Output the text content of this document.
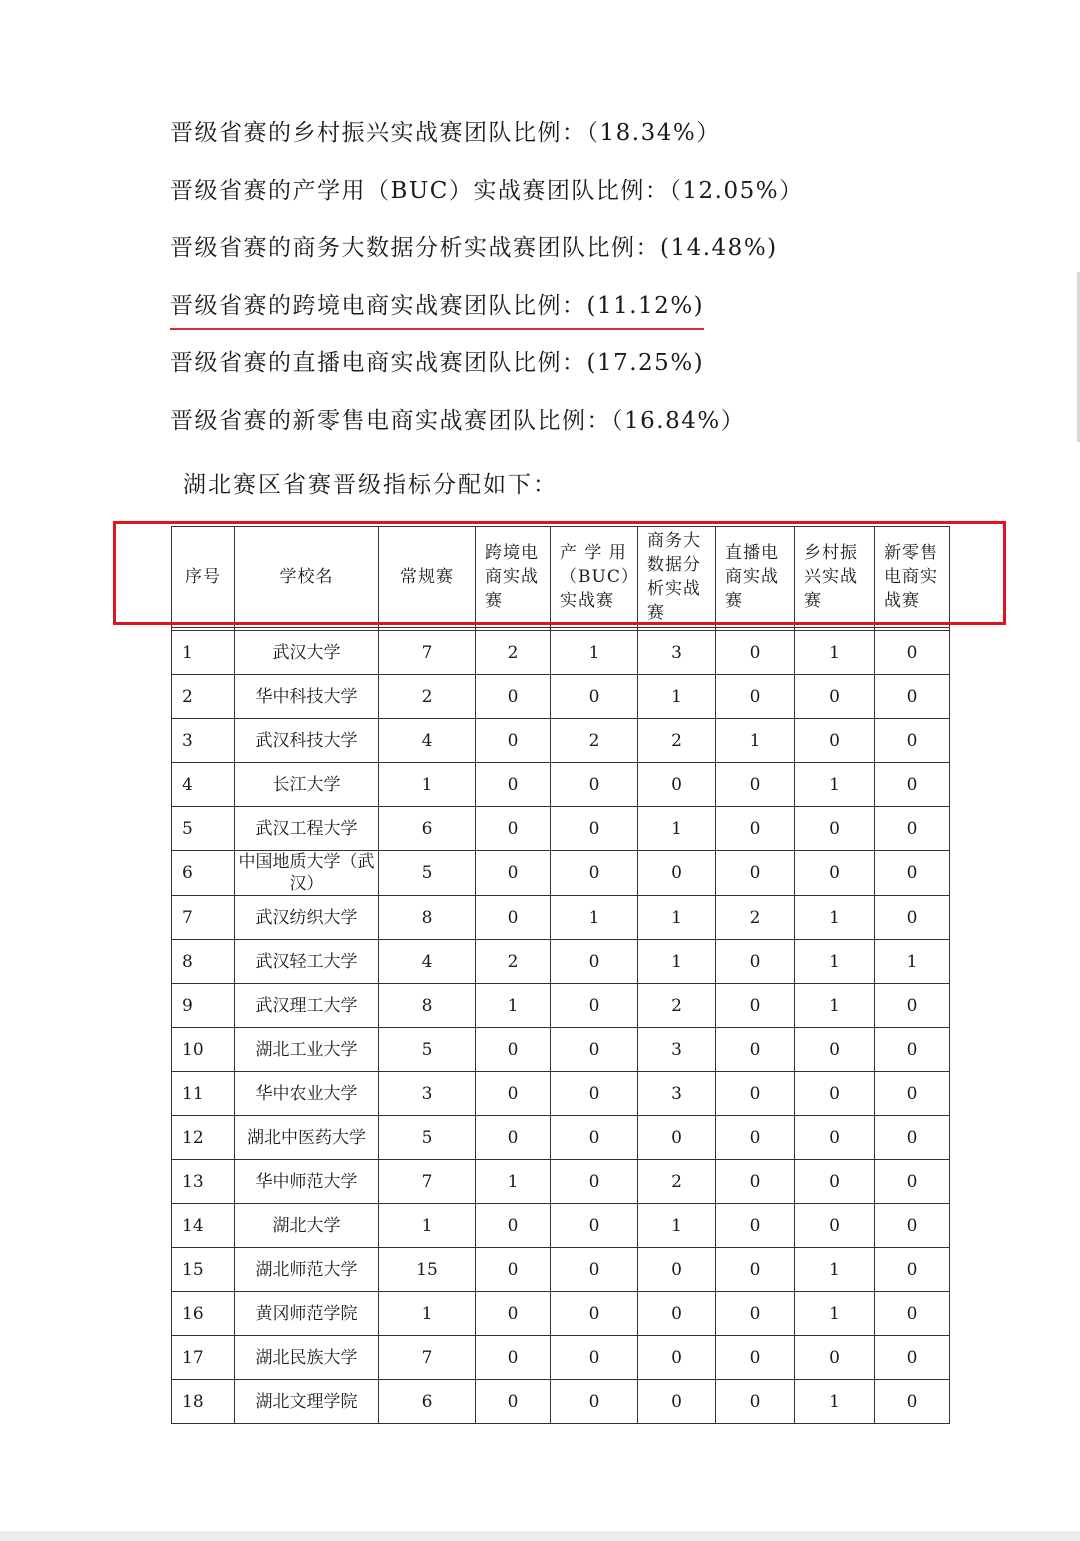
晋级省赛的乡村振兴实战赛团队比例：（18.34%）
晋级省赛的产学用（BUC）实战赛团队比例：（12.05%）
晋级省赛的商务大数据分析实战赛团队比例：(14.48%)
晋级省赛的跨境电商实战赛团队比例：(11.12%)
晋级省赛的直播电商实战赛团队比例：(17.25%)
晋级省赛的新零售电商实战赛团队比例：（16.84%）
湖北赛区省赛晋级指标分配如下：
序号	学校名	常规赛	跨境电商实战赛	产 学 用（BUC）实战赛	商务大数据分析实战赛	直播电商实战赛	乡村振兴实战赛	新零售电商实战赛

1	武汉大学	7	2	1	3	0	1	0
2	华中科技大学	2	0	0	1	0	0	0
3	武汉科技大学	4	0	2	2	1	0	0
4	长江大学	1	0	0	0	0	1	0
5	武汉工程大学	6	0	0	1	0	0	0
6	中国地质大学（武汉）	5	0	0	0	0	0	0
7	武汉纺织大学	8	0	1	1	2	1	0
8	武汉轻工大学	4	2	0	1	0	1	1
9	武汉理工大学	8	1	0	2	0	1	0
10	湖北工业大学	5	0	0	3	0	0	0
11	华中农业大学	3	0	0	3	0	0	0
12	湖北中医药大学	5	0	0	0	0	0	0
13	华中师范大学	7	1	0	2	0	0	0
14	湖北大学	1	0	0	1	0	0	0
15	湖北师范大学	15	0	0	0	0	1	0
16	黄冈师范学院	1	0	0	0	0	1	0
17	湖北民族大学	7	0	0	0	0	0	0
18	湖北文理学院	6	0	0	0	0	1	0
